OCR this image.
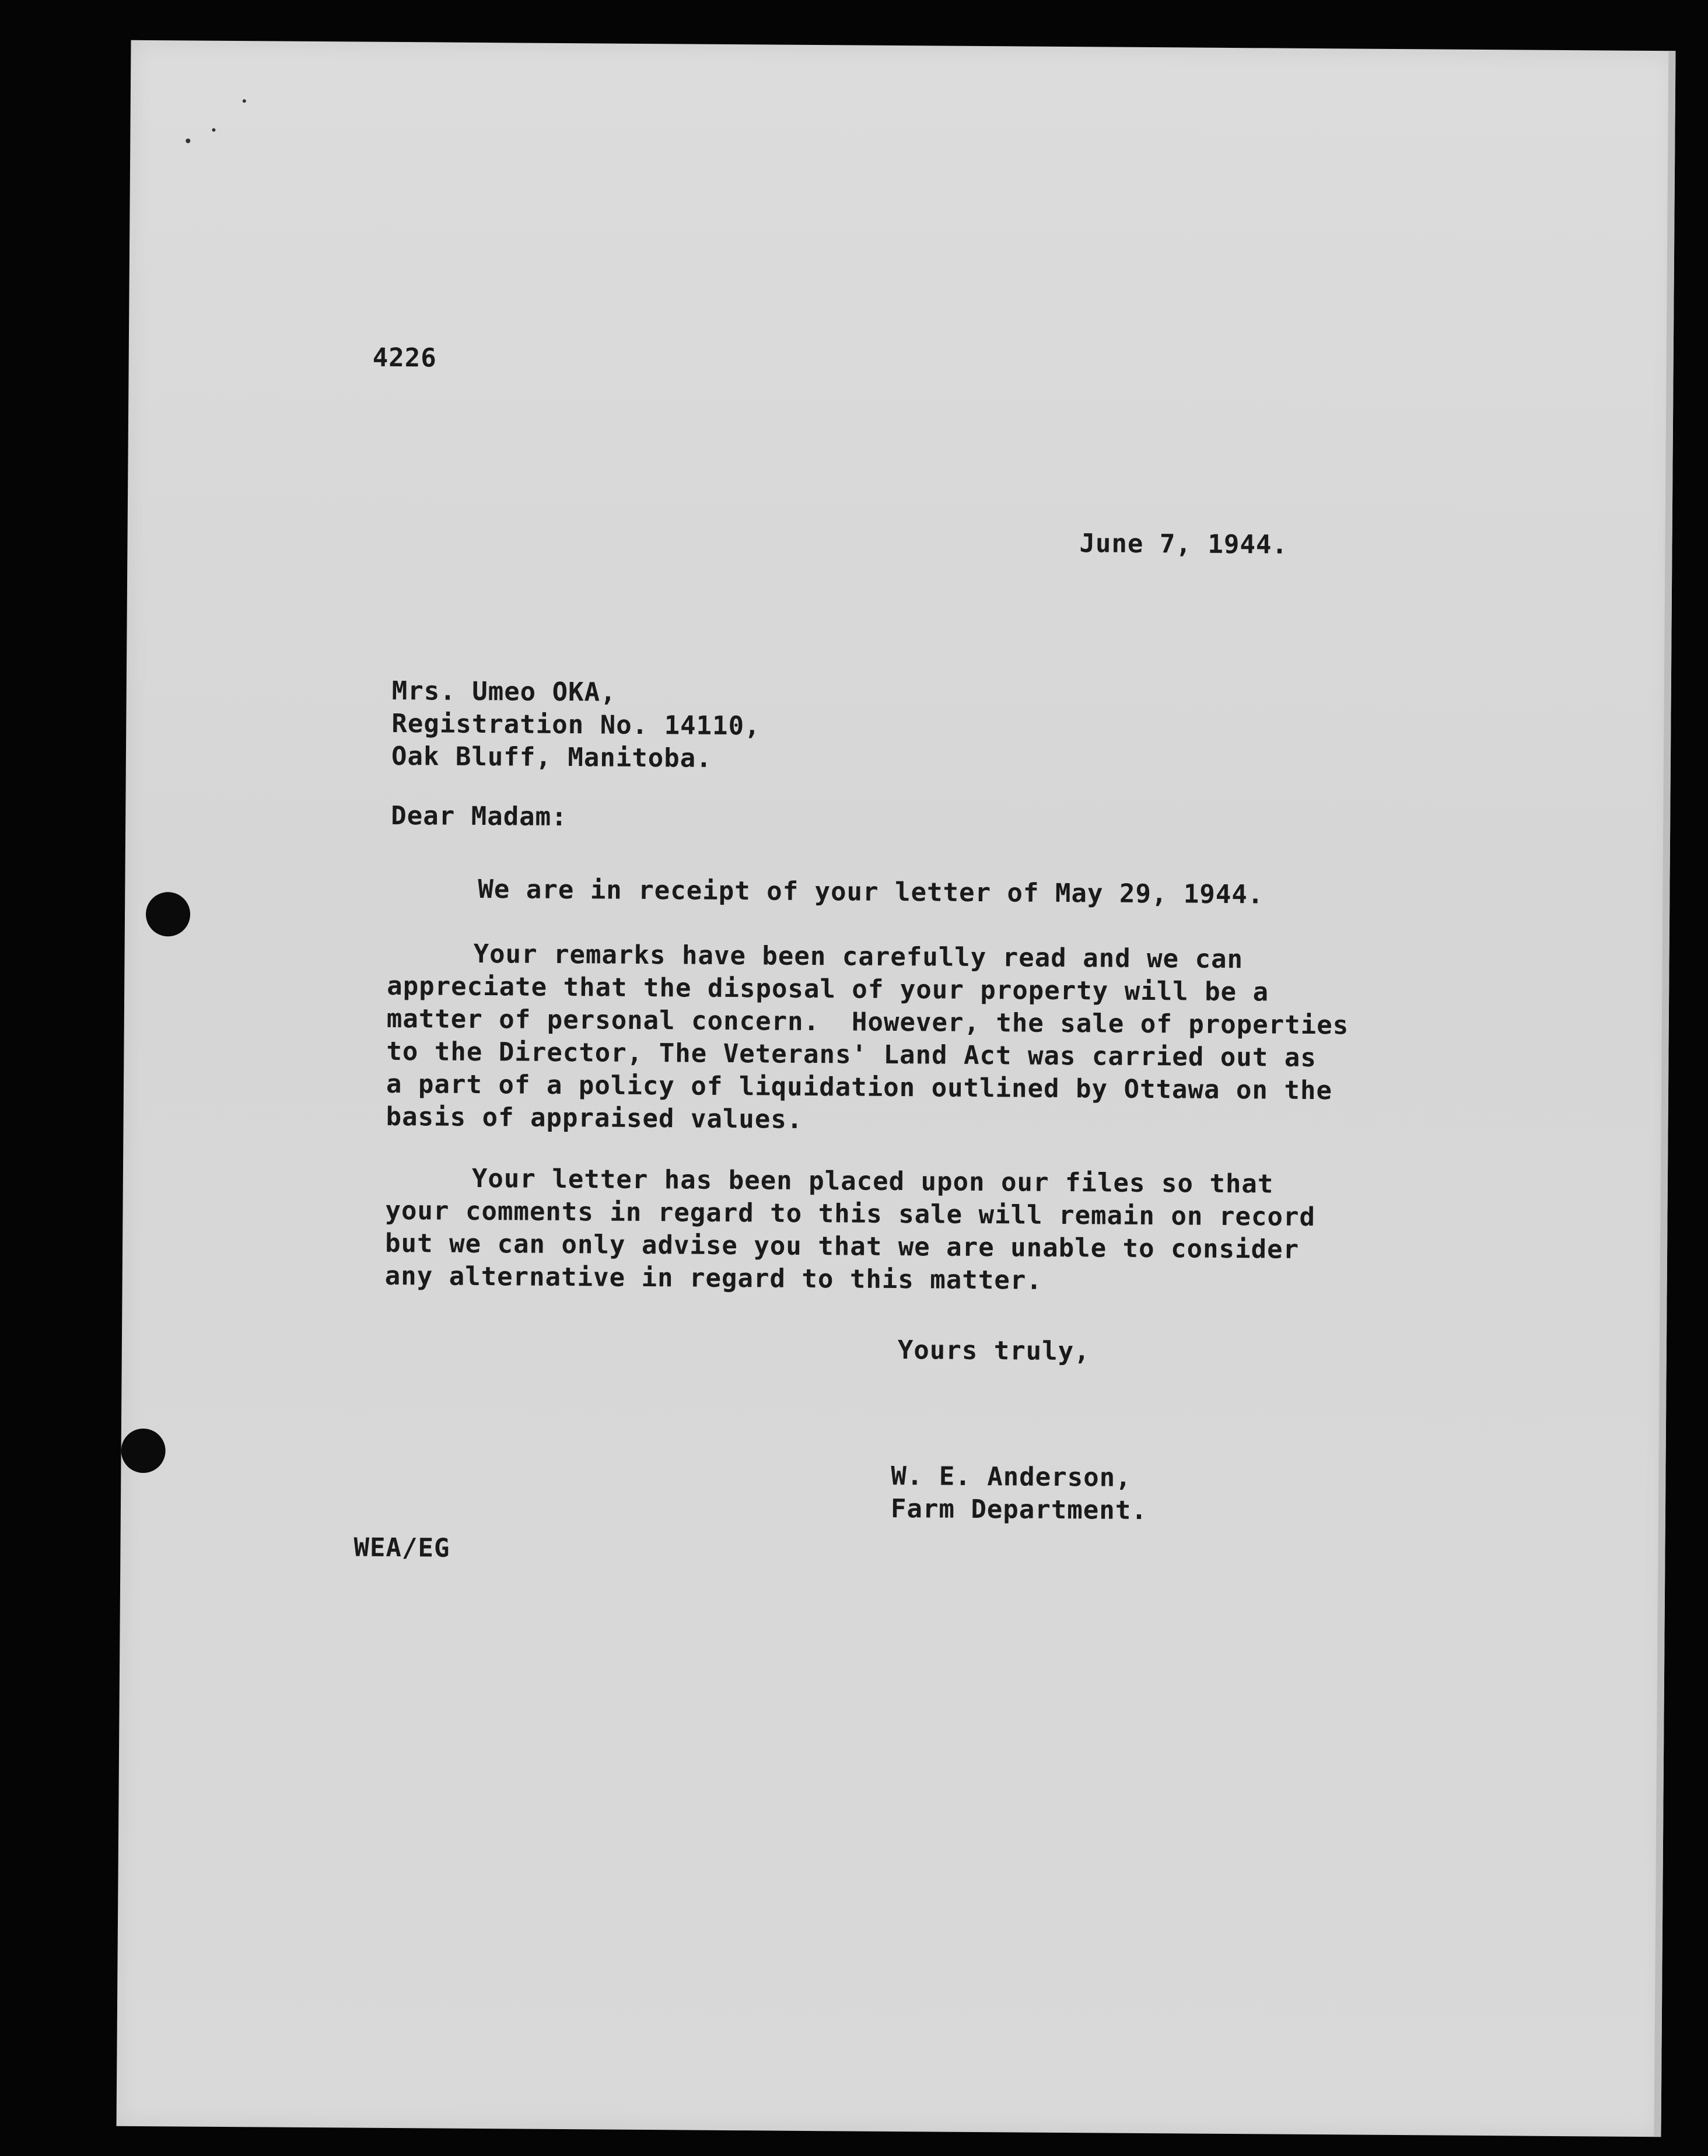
4226
June 7, 1944.
Mrs. Umeo OKA,
Registration No. 14110,
Oak Bluff, Manitoba.
Dear Madam:
We are in receipt of your letter of May 29, 1944.
Your remarks have been carefully read and we can
appreciate that the disposal of your property will be a
matter of personal concern.  However, the sale of properties
to the Director, The Veterans' Land Act was carried out as
a part of a policy of liquidation outlined by Ottawa on the
basis of appraised values.
Your letter has been placed upon our files so that
your comments in regard to this sale will remain on record
but we can only advise you that we are unable to consider
any alternative in regard to this matter.
Yours truly,
W. E. Anderson,
Farm Department.
WEA/EG
